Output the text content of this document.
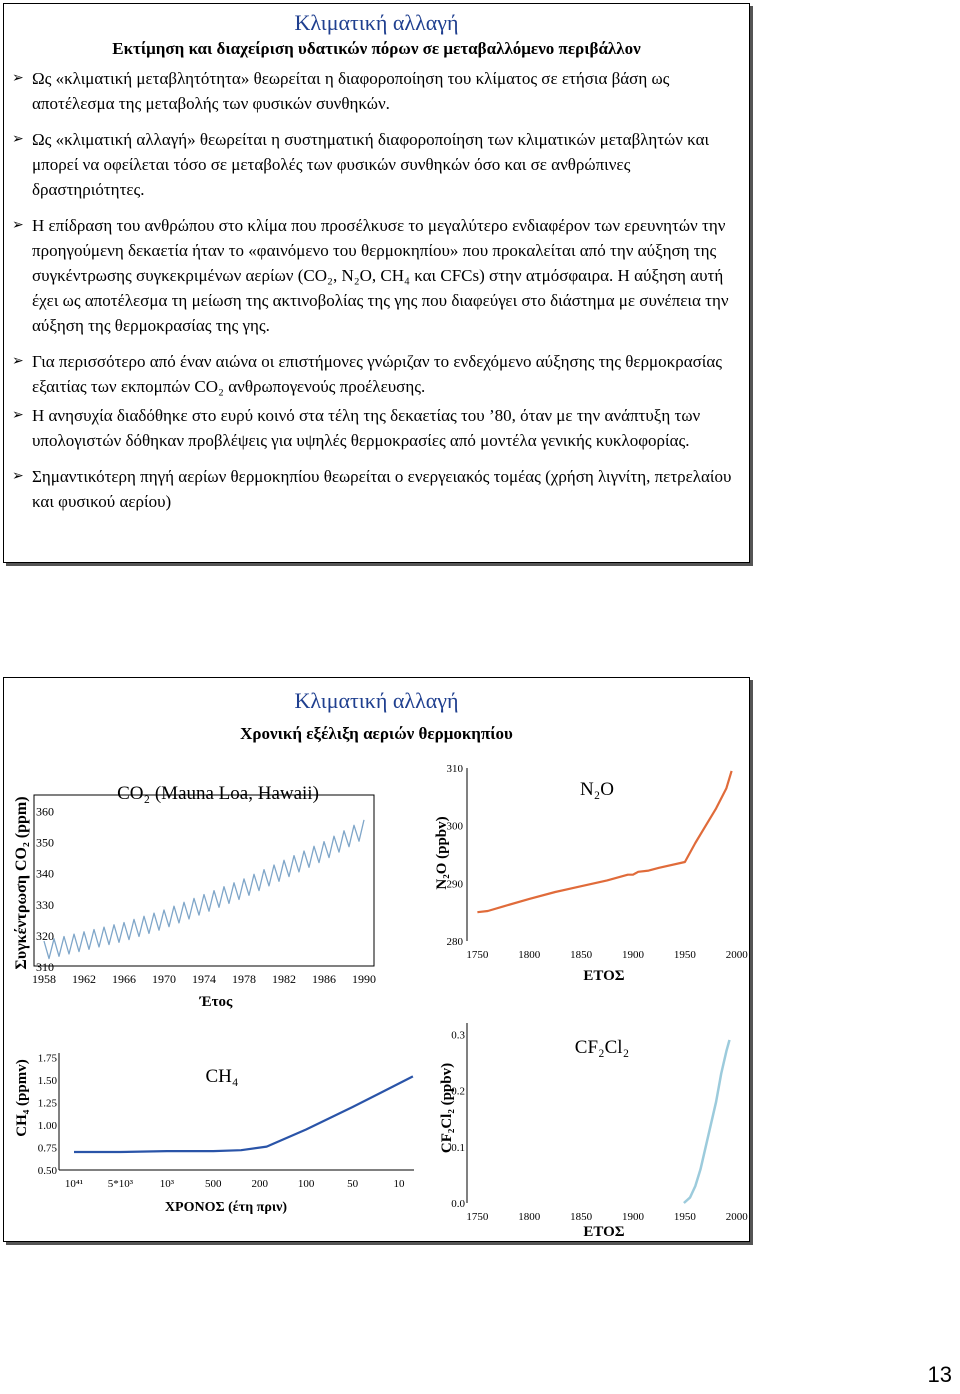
Κλιματική αλλαγή
Εκτίμηση και διαχείριση υδατικών πόρων σε μεταβαλλόμενο περιβάλλον
➢ Ως «κλιματική μεταβλητότητα» θεωρείται η διαφοροποίηση του κλίματος σε ετήσια βάση ως αποτέλεσμα της μεταβολής των φυσικών συνθηκών.
➢ Ως «κλιματική αλλαγή» θεωρείται η συστηματική διαφοροποίηση των κλιματικών μεταβλητών και μπορεί να οφείλεται τόσο σε μεταβολές των φυσικών συνθηκών όσο και σε ανθρώπινες δραστηριότητες.
➢ Η επίδραση του ανθρώπου στο κλίμα που προσέλκυσε το μεγαλύτερο ενδιαφέρον των ερευνητών την προηγούμενη δεκαετία ήταν το «φαινόμενο του θερμοκηπίου» που προκαλείται από την αύξηση της συγκέντρωσης συγκεκριμένων αερίων (CO₂, N₂O, CH₄ και CFCs) στην ατμόσφαιρα. Η αύξηση αυτή έχει ως αποτέλεσμα τη μείωση της ακτινοβολίας της γης που διαφεύγει στο διάστημα με συνέπεια την αύξηση της θερμοκρασίας της γης.
➢ Για περισσότερο από έναν αιώνα οι επιστήμονες γνώριζαν το ενδεχόμενο αύξησης της θερμοκρασίας εξαιτίας των εκπομπών CO₂ ανθρωπογενούς προέλευσης.
➢ Η ανησυχία διαδόθηκε στο ευρύ κοινό στα τέλη της δεκαετίας του ’80, όταν με την ανάπτυξη των υπολογιστών δόθηκαν προβλέψεις για υψηλές θερμοκρασίες από μοντέλα γενικής κυκλοφορίας.
➢ Σημαντικότερη πηγή αερίων θερμοκηπίου θεωρείται ο ενεργειακός τομέας (χρήση λιγνίτη, πετρελαίου και φυσικού αερίου)
Κλιματική αλλαγή
Χρονική εξέλιξη αεριών θερμοκηπίου
310
320
330
340
350
360
1958 1962 1966 1970 1974 1978 1982 1986 1990
CO₂ (Mauna Loa, Hawaii)
Έτος
Συγκέντρωση CO₂ (ppm)	280
290
300
310
1750	1800	1850	1900	1950	2000
N₂O
ΕΤΟΣ
N₂O (ppbv)
0.50
0.75
1.00
1.25
1.50
1.75
10⁴¹ 5*10³ 10³	500	200	100	50	10
CH₄
ΧΡΟΝΟΣ (έτη πριν)
CH₄ (ppmv)
0.0
0.1
0.2
0.3
1750	1800	1850	1900	1950	2000
CF₂Cl₂
ΕΤΟΣ
CF₂Cl₂ (ppbv)
13
